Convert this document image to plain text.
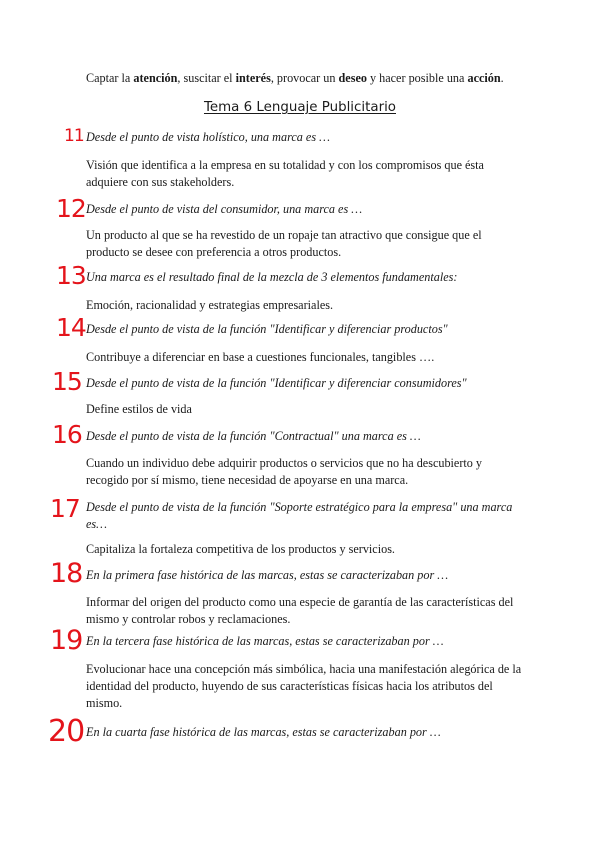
Captar la atención, suscitar el interés, provocar un deseo y hacer posible una acción.
Tema 6 Lenguaje Publicitario
11 Desde el punto de vista holístico, una marca es …
Visión que identifica a la empresa en su totalidad y con los compromisos que ésta adquiere con sus stakeholders.
12 Desde el punto de vista del consumidor, una marca es …
Un producto al que se ha revestido de un ropaje tan atractivo que consigue que el producto se desee con preferencia a otros productos.
13 Una marca es el resultado final de la mezcla de 3 elementos fundamentales:
Emoción, racionalidad y estrategias empresariales.
14 Desde el punto de vista de la función "Identificar y diferenciar productos"
Contribuye a diferenciar en base a cuestiones funcionales, tangibles ….
15 Desde el punto de vista de la función "Identificar y diferenciar consumidores"
Define estilos de vida
16 Desde el punto de vista de la función "Contractual" una marca es …
Cuando un individuo debe adquirir productos o servicios que no ha descubierto y recogido por sí mismo, tiene necesidad de apoyarse en una marca.
17 Desde el punto de vista de la función "Soporte estratégico para la empresa" una marca es…
Capitaliza la fortaleza competitiva de los productos y servicios.
18 En la primera fase histórica de las marcas, estas se caracterizaban por …
Informar del origen del producto como una especie de garantía de las características del mismo y controlar robos y reclamaciones.
19 En la tercera fase histórica de las marcas, estas se caracterizaban por …
Evolucionar hace una concepción más simbólica, hacia una manifestación alegórica de la identidad del producto, huyendo de sus características físicas hacia los atributos del mismo.
20 En la cuarta fase histórica de las marcas, estas se caracterizaban por …
